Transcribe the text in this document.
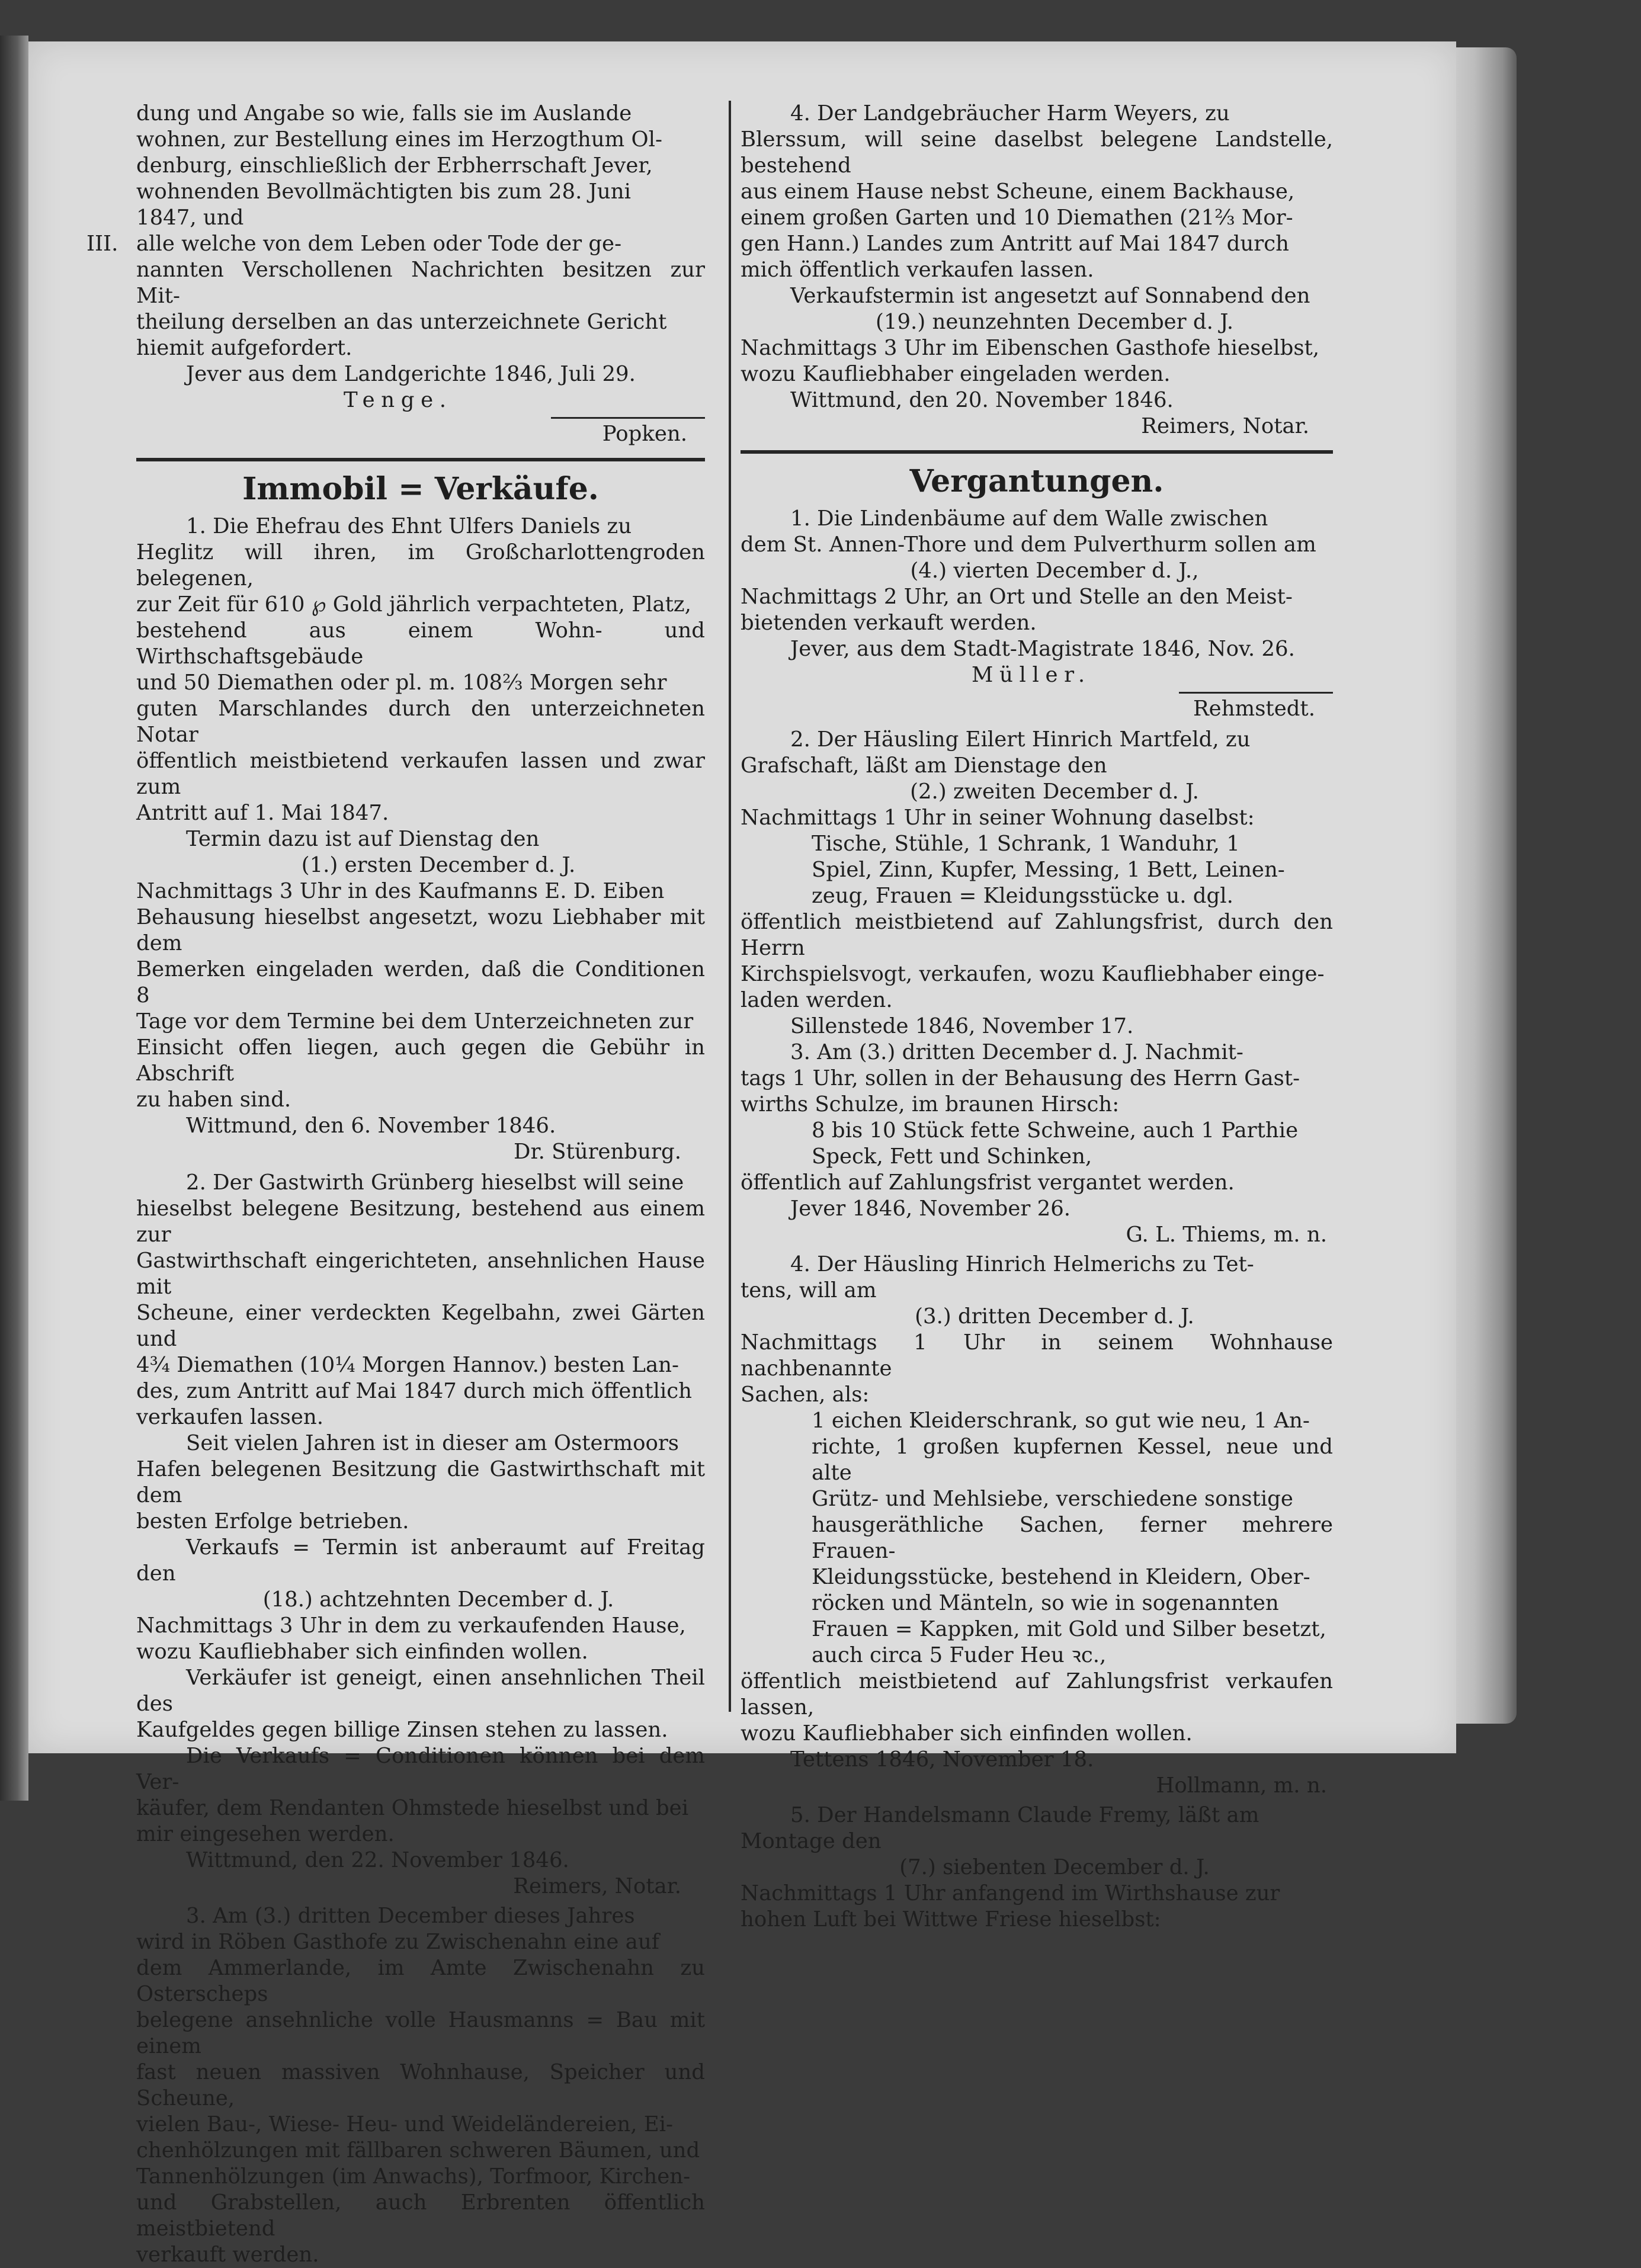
dung und Angabe so wie, falls sie im Auslande

wohnen, zur Bestellung eines im Herzogthum Ol-

denburg, einschließlich der Erbherrschaft Jever,

wohnenden Bevollmächtigten bis zum 28. Juni

1847, und

III. alle welche von dem Leben oder Tode der ge-

nannten Verschollenen Nachrichten besitzen zur Mit-

theilung derselben an das unterzeichnete Gericht

hiemit aufgefordert.

Jever aus dem Landgerichte 1846, Juli 29.

Tenge.

Popken.

Immobil = Verkäufe.

1. Die Ehefrau des Ehnt Ulfers Daniels zu

Heglitz will ihren, im Großcharlottengroden belegenen,

zur Zeit für 610 ℘ Gold jährlich verpachteten, Platz,

bestehend aus einem Wohn- und Wirthschaftsgebäude

und 50 Diemathen oder pl. m. 108⅔ Morgen sehr

guten Marschlandes durch den unterzeichneten Notar

öffentlich meistbietend verkaufen lassen und zwar zum

Antritt auf 1. Mai 1847.

Termin dazu ist auf Dienstag den

(1.) ersten December d. J.

Nachmittags 3 Uhr in des Kaufmanns E. D. Eiben

Behausung hieselbst angesetzt, wozu Liebhaber mit dem

Bemerken eingeladen werden, daß die Conditionen 8

Tage vor dem Termine bei dem Unterzeichneten zur

Einsicht offen liegen, auch gegen die Gebühr in Abschrift

zu haben sind.

Wittmund, den 6. November 1846.

Dr. Stürenburg.

2. Der Gastwirth Grünberg hieselbst will seine

hieselbst belegene Besitzung, bestehend aus einem zur

Gastwirthschaft eingerichteten, ansehnlichen Hause mit

Scheune, einer verdeckten Kegelbahn, zwei Gärten und

4¾ Diemathen (10¼ Morgen Hannov.) besten Lan-

des, zum Antritt auf Mai 1847 durch mich öffentlich

verkaufen lassen.

Seit vielen Jahren ist in dieser am Ostermoors

Hafen belegenen Besitzung die Gastwirthschaft mit dem

besten Erfolge betrieben.

Verkaufs = Termin ist anberaumt auf Freitag den

(18.) achtzehnten December d. J.

Nachmittags 3 Uhr in dem zu verkaufenden Hause,

wozu Kaufliebhaber sich einfinden wollen.

Verkäufer ist geneigt, einen ansehnlichen Theil des

Kaufgeldes gegen billige Zinsen stehen zu lassen.

Die Verkaufs = Conditionen können bei dem Ver-

käufer, dem Rendanten Ohmstede hieselbst und bei

mir eingesehen werden.

Wittmund, den 22. November 1846.

Reimers, Notar.

3. Am (3.) dritten December dieses Jahres

wird in Röben Gasthofe zu Zwischenahn eine auf

dem Ammerlande, im Amte Zwischenahn zu Osterscheps

belegene ansehnliche volle Hausmanns = Bau mit einem

fast neuen massiven Wohnhause, Speicher und Scheune,

vielen Bau-, Wiese- Heu- und Weideländereien, Ei-

chenhölzungen mit fällbaren schweren Bäumen, und

Tannenhölzungen (im Anwachs), Torfmoor, Kirchen-

und Grabstellen, auch Erbrenten öffentlich meistbietend

verkauft werden.

4. Der Landgebräucher Harm Weyers, zu

Blerssum, will seine daselbst belegene Landstelle, bestehend

aus einem Hause nebst Scheune, einem Backhause,

einem großen Garten und 10 Diemathen (21⅔ Mor-

gen Hann.) Landes zum Antritt auf Mai 1847 durch

mich öffentlich verkaufen lassen.

Verkaufstermin ist angesetzt auf Sonnabend den

(19.) neunzehnten December d. J.

Nachmittags 3 Uhr im Eibenschen Gasthofe hieselbst,

wozu Kaufliebhaber eingeladen werden.

Wittmund, den 20. November 1846.

Reimers, Notar.

Vergantungen.

1. Die Lindenbäume auf dem Walle zwischen

dem St. Annen-Thore und dem Pulverthurm sollen am

(4.) vierten December d. J.,

Nachmittags 2 Uhr, an Ort und Stelle an den Meist-

bietenden verkauft werden.

Jever, aus dem Stadt-Magistrate 1846, Nov. 26.

Müller.

Rehmstedt.

2. Der Häusling Eilert Hinrich Martfeld, zu

Grafschaft, läßt am Dienstage den

(2.) zweiten December d. J.

Nachmittags 1 Uhr in seiner Wohnung daselbst:

Tische, Stühle, 1 Schrank, 1 Wanduhr, 1

Spiel, Zinn, Kupfer, Messing, 1 Bett, Leinen-

zeug, Frauen = Kleidungsstücke u. dgl.

öffentlich meistbietend auf Zahlungsfrist, durch den Herrn

Kirchspielsvogt, verkaufen, wozu Kaufliebhaber einge-

laden werden.

Sillenstede 1846, November 17.

3. Am (3.) dritten December d. J. Nachmit-

tags 1 Uhr, sollen in der Behausung des Herrn Gast-

wirths Schulze, im braunen Hirsch:

8 bis 10 Stück fette Schweine, auch 1 Parthie

Speck, Fett und Schinken,

öffentlich auf Zahlungsfrist vergantet werden.

Jever 1846, November 26.

G. L. Thiems, m. n.

4. Der Häusling Hinrich Helmerichs zu Tet-

tens, will am

(3.) dritten December d. J.

Nachmittags 1 Uhr in seinem Wohnhause nachbenannte

Sachen, als:

1 eichen Kleiderschrank, so gut wie neu, 1 An-

richte, 1 großen kupfernen Kessel, neue und alte

Grütz- und Mehlsiebe, verschiedene sonstige

hausgeräthliche Sachen, ferner mehrere Frauen-

Kleidungsstücke, bestehend in Kleidern, Ober-

röcken und Mänteln, so wie in sogenannten

Frauen = Kappken, mit Gold und Silber besetzt,

auch circa 5 Fuder Heu ꝛc.,

öffentlich meistbietend auf Zahlungsfrist verkaufen lassen,

wozu Kaufliebhaber sich einfinden wollen.

Tettens 1846, November 18.

Hollmann, m. n.

5. Der Handelsmann Claude Fremy, läßt am

Montage den

(7.) siebenten December d. J.

Nachmittags 1 Uhr anfangend im Wirthshause zur

hohen Luft bei Wittwe Friese hieselbst:
